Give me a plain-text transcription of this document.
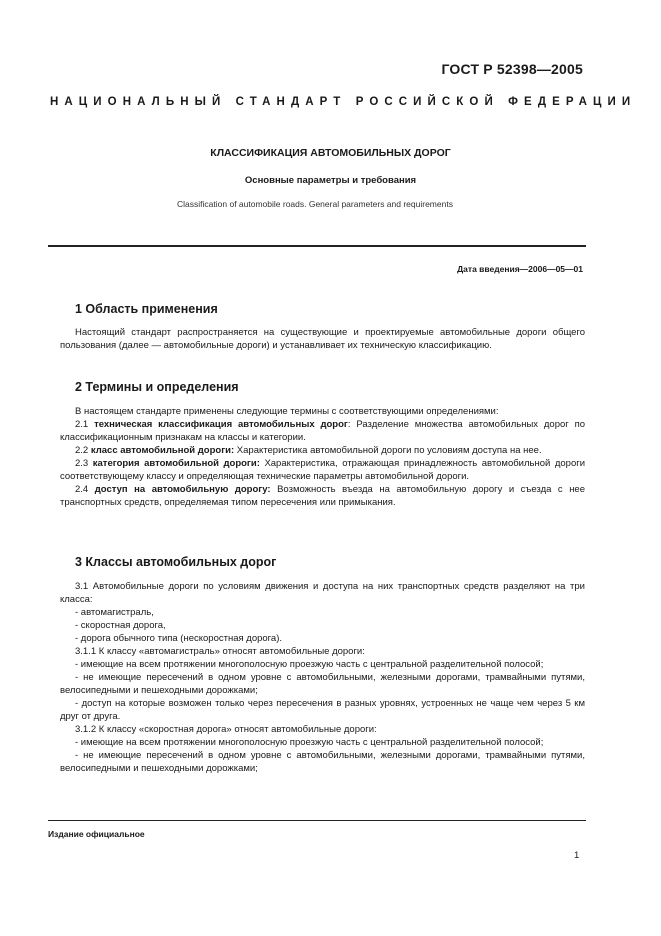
ГОСТ Р 52398—2005
НАЦИОНАЛЬНЫЙ СТАНДАРТ РОССИЙСКОЙ ФЕДЕРАЦИИ
КЛАССИФИКАЦИЯ АВТОМОБИЛЬНЫХ ДОРОГ
Основные параметры и требования
Classification of automobile roads. General parameters and requirements
Дата введения—2006—05—01
1 Область применения

Настоящий стандарт распространяется на существующие и проектируемые автомобильные дороги общего пользования (далее — автомобильные дороги) и устанавливает их техническую классификацию.

2 Термины и определения

В настоящем стандарте применены следующие термины с соответствующими определениями:

2.1 техническая классификация автомобильных дорог: Разделение множества автомобильных дорог по классификационным признакам на классы и категории.

2.2 класс автомобильной дороги: Характеристика автомобильной дороги по условиям доступа на нее.

2.3 категория автомобильной дороги: Характеристика, отражающая принадлежность автомобильной дороги соответствующему классу и определяющая технические параметры автомобильной дороги.

2.4 доступ на автомобильную дорогу: Возможность въезда на автомобильную дорогу и съезда с нее транспортных средств, определяемая типом пересечения или примыкания.

3 Классы автомобильных дорог

3.1 Автомобильные дороги по условиям движения и доступа на них транспортных средств разделяют на три класса:

- автомагистраль,

- скоростная дорога,

- дорога обычного типа (нескоростная дорога).

3.1.1 К классу «автомагистраль» относят автомобильные дороги:

- имеющие на всем протяжении многополосную проезжую часть с центральной разделительной полосой;

- не имеющие пересечений в одном уровне с автомобильными, железными дорогами, трамвайными путями, велосипедными и пешеходными дорожками;

- доступ на которые возможен только через пересечения в разных уровнях, устроенных не чаще чем через 5 км друг от друга.

3.1.2 К классу «скоростная дорога» относят автомобильные дороги:

- имеющие на всем протяжении многополосную проезжую часть с центральной разделительной полосой;

- не имеющие пересечений в одном уровне с автомобильными, железными дорогами, трамвайными путями, велосипедными и пешеходными дорожками;

Издание официальное
1
